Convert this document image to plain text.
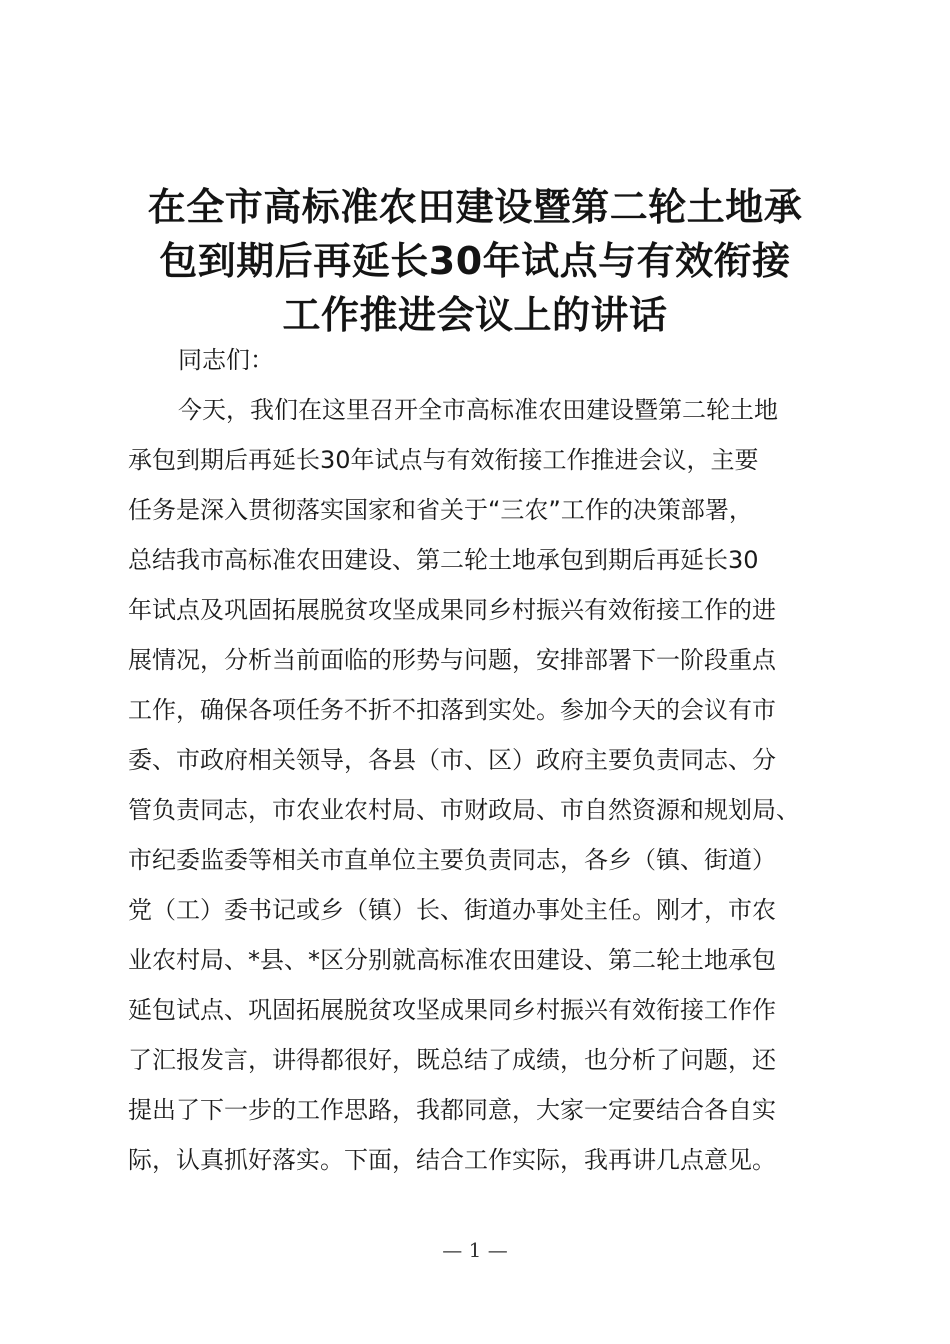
在全市高标准农田建设暨第二轮土地承
包到期后再延长30年试点与有效衔接
工作推进会议上的讲话
同志们：
今天，我们在这里召开全市高标准农田建设暨第二轮土地
承包到期后再延长30年试点与有效衔接工作推进会议，主要
任务是深入贯彻落实国家和省关于“三农”工作的决策部署，
总结我市高标准农田建设、第二轮土地承包到期后再延长30
年试点及巩固拓展脱贫攻坚成果同乡村振兴有效衔接工作的进
展情况，分析当前面临的形势与问题，安排部署下一阶段重点
工作，确保各项任务不折不扣落到实处。参加今天的会议有市
委、市政府相关领导，各县（市、区）政府主要负责同志、分
管负责同志，市农业农村局、市财政局、市自然资源和规划局、
市纪委监委等相关市直单位主要负责同志，各乡（镇、街道）
党（工）委书记或乡（镇）长、街道办事处主任。刚才，市农
业农村局、*县、*区分别就高标准农田建设、第二轮土地承包
延包试点、巩固拓展脱贫攻坚成果同乡村振兴有效衔接工作作
了汇报发言，讲得都很好，既总结了成绩，也分析了问题，还
提出了下一步的工作思路，我都同意，大家一定要结合各自实
际，认真抓好落实。下面，结合工作实际，我再讲几点意见。
— 1 —
